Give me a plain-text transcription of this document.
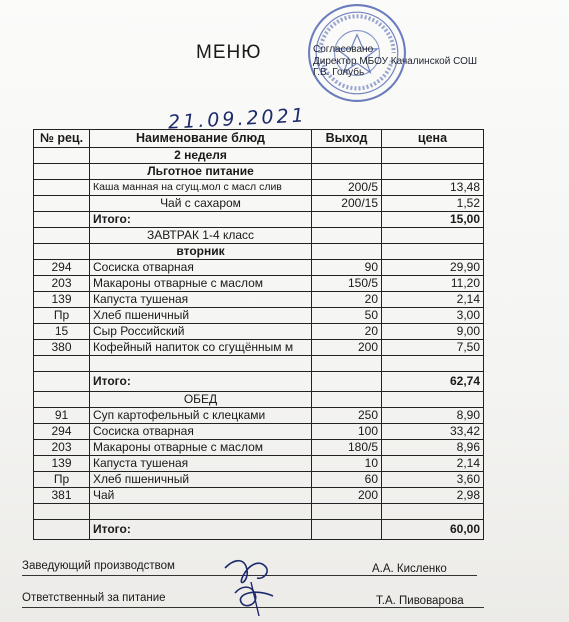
МЕНЮ	Согласовано
Директор МБОУ Качалинской СОШ
Г.В. Голубь
21.09.2021
№ рец.	Наименование блюд	Выход	цена
	2 неделя		
	Льготное питание		
	Каша манная на сгущ.мол с масл слив	200/5	13,48
	Чай с сахаром	200/15	1,52
	Итого:		15,00
	ЗАВТРАК 1-4 класс		
	вторник		
294	Сосиска отварная	90	29,90
203	Макароны отварные с маслом	150/5	11,20
139	Капуста тушеная	20	2,14
Пр	Хлеб пшеничный	50	3,00
15	Сыр Российский	20	9,00
380	Кофейный напиток со сгущённым м	200	7,50

	Итого:		62,74
	ОБЕД		
91	Суп картофельный с клецками	250	8,90
294	Сосиска отварная	100	33,42
203	Макароны отварные с маслом	180/5	8,96
139	Капуста тушеная	10	2,14
Пр	Хлеб пшеничный	60	3,60
381	Чай	200	2,98

	Итого:		60,00
Заведующий производством	А.А. Кисленко
Ответственный за питание	Т.А. Пивоварова
